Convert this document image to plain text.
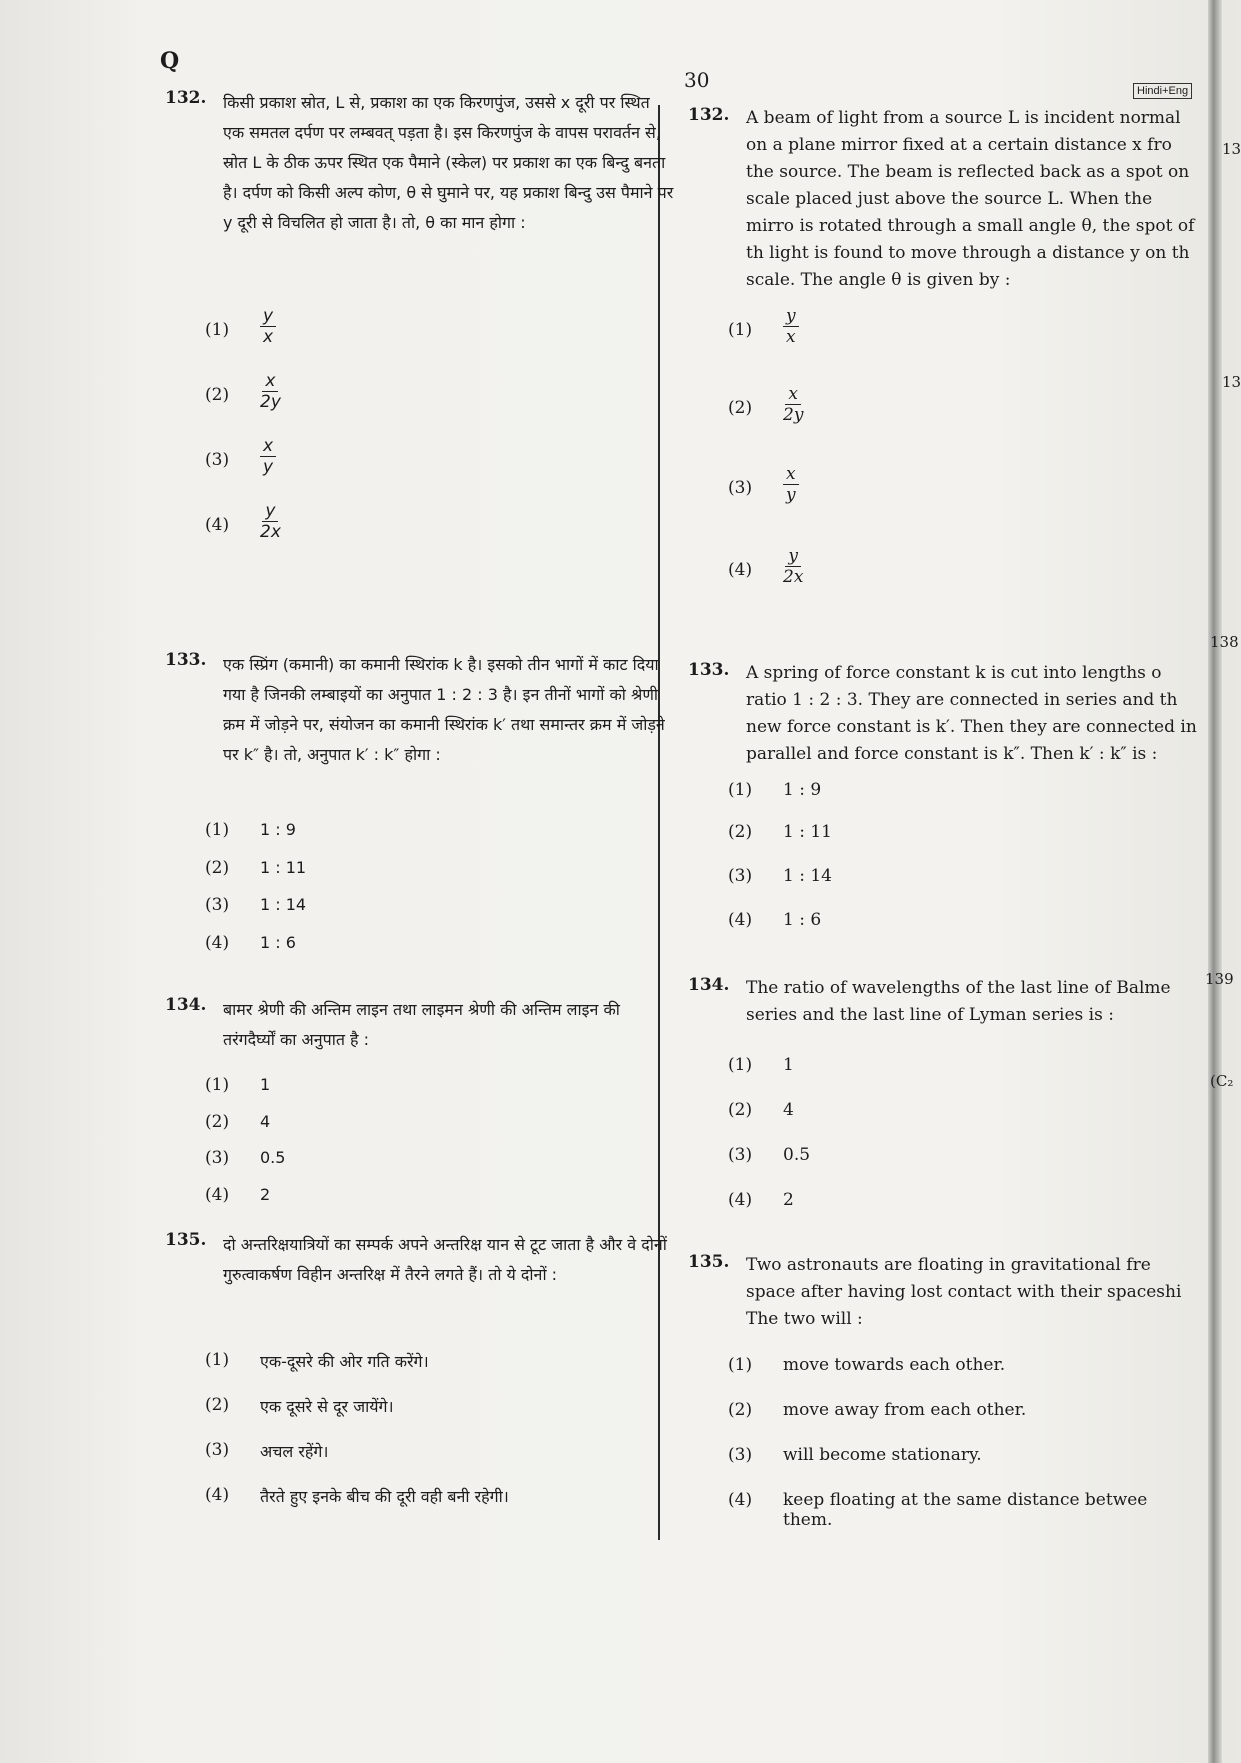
Q
30	Hindi+Eng
13
13
138
139
(C₂
132. किसी प्रकाश स्रोत, L से, प्रकाश का एक किरणपुंज, उससे x दूरी पर स्थित एक समतल दर्पण पर लम्बवत् पड़ता है। इस किरणपुंज के वापस परावर्तन से, स्रोत L के ठीक ऊपर स्थित एक पैमाने (स्केल) पर प्रकाश का एक बिन्दु बनता है। दर्पण को किसी अल्प कोण, θ से घुमाने पर, यह प्रकाश बिन्दु उस पैमाने पर y दूरी से विचलित हो जाता है। तो, θ का मान होगा :
$(1) \frac{y}{x}$
$(2) \frac{x}{2y}$
$(3) \frac{x}{y}$
$(4) \frac{y}{2x}$
133. एक स्प्रिंग (कमानी) का कमानी स्थिरांक k है। इसको तीन भागों में काट दिया गया है जिनकी लम्बाइयों का अनुपात 1 : 2 : 3 है। इन तीनों भागों को श्रेणी क्रम में जोड़ने पर, संयोजन का कमानी स्थिरांक k′ तथा समान्तर क्रम में जोड़ने पर k″ है। तो, अनुपात k′ : k″ होगा :
(1) 1 : 9
(2) 1 : 11
(3) 1 : 14
(4) 1 : 6
134. बामर श्रेणी की अन्तिम लाइन तथा लाइमन श्रेणी की अन्तिम लाइन की तरंगदैर्घ्यों का अनुपात है :
(1) 1
(2) 4
(3) 0.5
(4) 2
135. दो अन्तरिक्षयात्रियों का सम्पर्क अपने अन्तरिक्ष यान से टूट जाता है और वे दोनों गुरुत्वाकर्षण विहीन अन्तरिक्ष में तैरने लगते हैं। तो ये दोनों :
(1) एक-दूसरे की ओर गति करेंगे।
(2) एक दूसरे से दूर जायेंगे।
(3) अचल रहेंगे।
(4) तैरते हुए इनके बीच की दूरी वही बनी रहेगी।
132. A beam of light from a source L is incident normal on a plane mirror fixed at a certain distance x fro the source. The beam is reflected back as a spot on scale placed just above the source L. When the mirro is rotated through a small angle θ, the spot of th light is found to move through a distance y on th scale. The angle θ is given by :
$(1) \frac{y}{x}$
$(2) \frac{x}{2y}$
$(3) \frac{x}{y}$
$(4) \frac{y}{2x}$
133. A spring of force constant k is cut into lengths o ratio 1 : 2 : 3. They are connected in series and th new force constant is k′. Then they are connected in parallel and force constant is k″. Then k′ : k″ is :
(1) 1 : 9
(2) 1 : 11
(3) 1 : 14
(4) 1 : 6
134. The ratio of wavelengths of the last line of Balme series and the last line of Lyman series is :
(1) 1
(2) 4
(3) 0.5
(4) 2
135. Two astronauts are floating in gravitational fre space after having lost contact with their spaceshi The two will :
(1) move towards each other.
(2) move away from each other.
(3) will become stationary.
(4) keep floating at the same distance betwee them.
